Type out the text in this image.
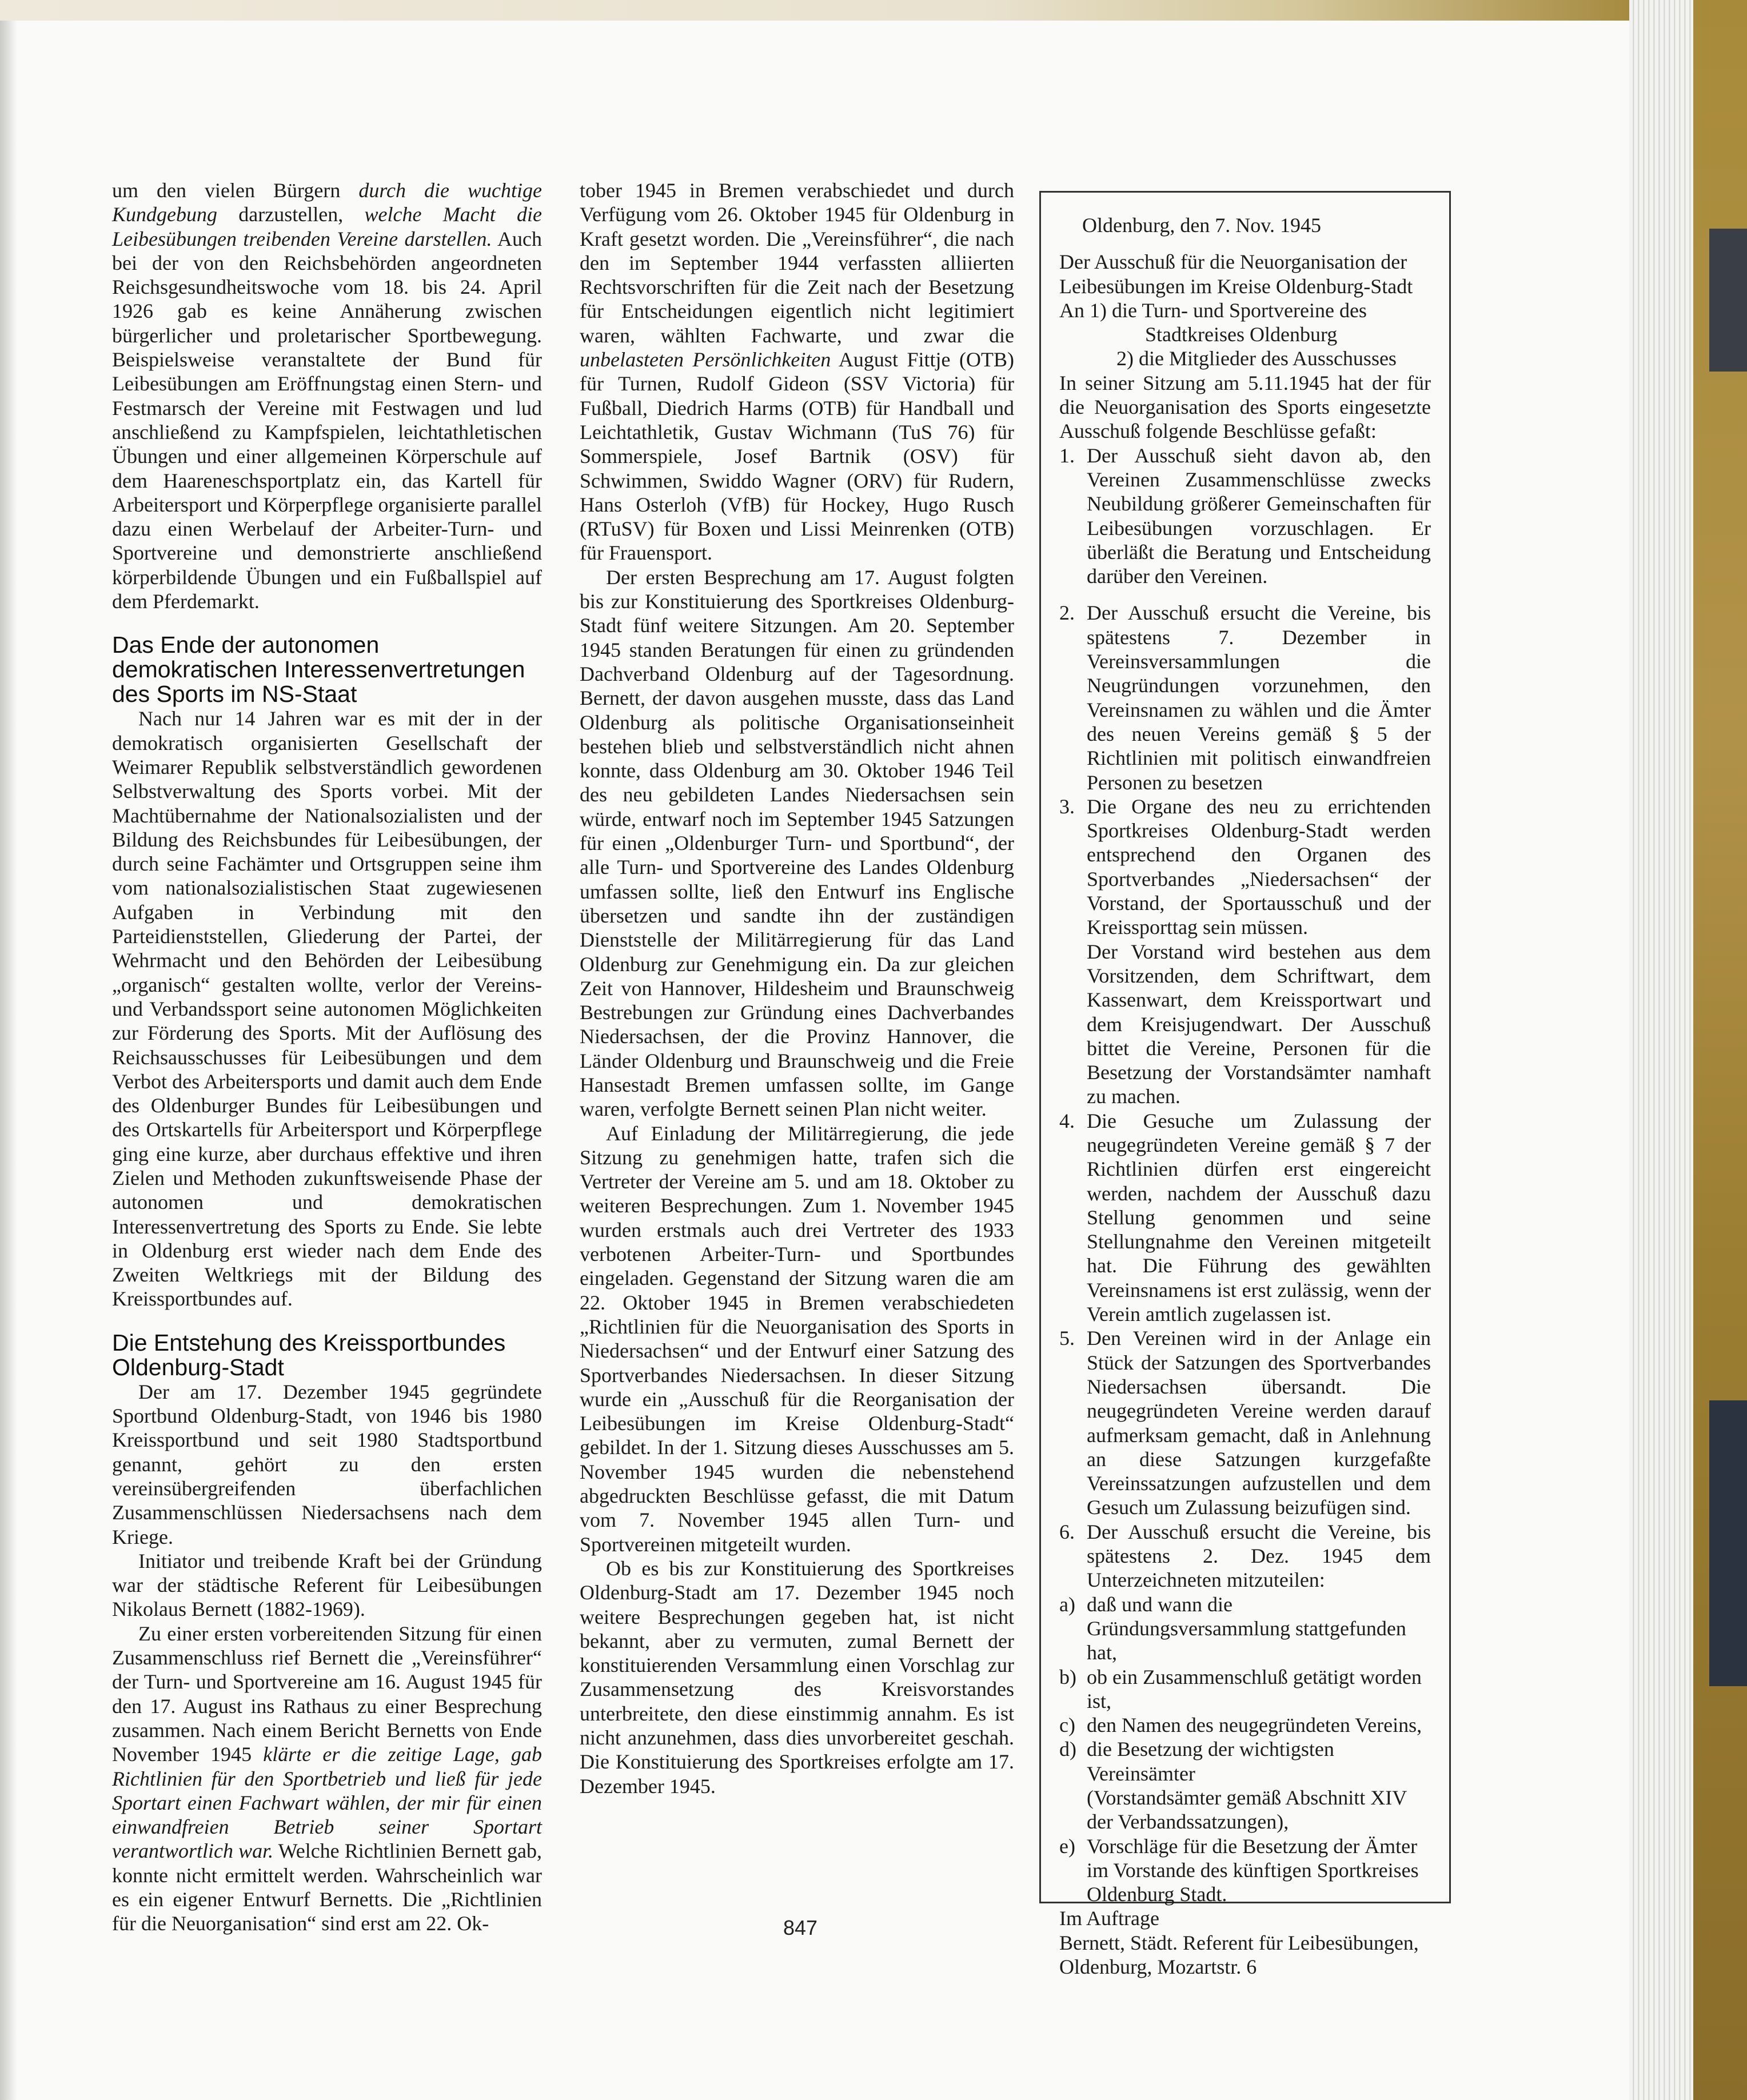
um den vielen Bürgern durch die wuchtige Kundgebung darzustellen, welche Macht die Leibesübungen treibenden Vereine darstellen. Auch bei der von den Reichsbehörden angeordneten Reichsgesundheitswoche vom 18. bis 24. April 1926 gab es keine Annäherung zwischen bürgerlicher und proletarischer Sportbewegung. Beispielsweise veranstaltete der Bund für Leibesübungen am Eröffnungstag einen Stern- und Festmarsch der Vereine mit Festwagen und lud anschließend zu Kampfspielen, leichtathletischen Übungen und einer allgemeinen Körperschule auf dem Haareneschsportplatz ein, das Kartell für Arbeitersport und Körperpflege organisierte parallel dazu einen Werbelauf der Arbeiter-Turn- und Sportvereine und demonstrierte anschließend körperbildende Übungen und ein Fußballspiel auf dem Pferdemarkt.

Das Ende der autonomen demokratischen Interessenvertretungen des Sports im NS-Staat

Nach nur 14 Jahren war es mit der in der demokratisch organisierten Gesellschaft der Weimarer Republik selbstverständlich gewordenen Selbstverwaltung des Sports vorbei. Mit der Machtübernahme der Nationalsozialisten und der Bildung des Reichsbundes für Leibesübungen, der durch seine Fachämter und Ortsgruppen seine ihm vom nationalsozialistischen Staat zugewiesenen Aufgaben in Verbindung mit den Parteidienststellen, Gliederung der Partei, der Wehrmacht und den Behörden der Leibesübung „organisch“ gestalten wollte, verlor der Vereins- und Verbandssport seine autonomen Möglichkeiten zur Förderung des Sports. Mit der Auflösung des Reichsausschusses für Leibesübungen und dem Verbot des Arbeitersports und damit auch dem Ende des Oldenburger Bundes für Leibesübungen und des Ortskartells für Arbeitersport und Körperpflege ging eine kurze, aber durchaus effektive und ihren Zielen und Methoden zukunftsweisende Phase der autonomen und demokratischen Interessenvertretung des Sports zu Ende. Sie lebte in Oldenburg erst wieder nach dem Ende des Zweiten Weltkriegs mit der Bildung des Kreissportbundes auf.

Die Entstehung des Kreissportbundes Oldenburg-Stadt

Der am 17. Dezember 1945 gegründete Sportbund Oldenburg-Stadt, von 1946 bis 1980 Kreissportbund und seit 1980 Stadtsportbund genannt, gehört zu den ersten vereinsübergreifenden überfachlichen Zusammenschlüssen Niedersachsens nach dem Kriege.

Initiator und treibende Kraft bei der Gründung war der städtische Referent für Leibesübungen Nikolaus Bernett (1882-1969).

Zu einer ersten vorbereitenden Sitzung für einen Zusammenschluss rief Bernett die „Vereinsführer“ der Turn- und Sportvereine am 16. August 1945 für den 17. August ins Rathaus zu einer Besprechung zusammen. Nach einem Bericht Bernetts von Ende November 1945 klärte er die zeitige Lage, gab Richtlinien für den Sportbetrieb und ließ für jede Sportart einen Fachwart wählen, der mir für einen einwandfreien Betrieb seiner Sportart verantwortlich war. Welche Richtlinien Bernett gab, konnte nicht ermittelt werden. Wahrscheinlich war es ein eigener Entwurf Bernetts. Die „Richtlinien für die Neuorganisation“ sind erst am 22. Ok-

tober 1945 in Bremen verabschiedet und durch Verfügung vom 26. Oktober 1945 für Oldenburg in Kraft gesetzt worden. Die „Vereinsführer“, die nach den im September 1944 verfassten alliierten Rechtsvorschriften für die Zeit nach der Besetzung für Entscheidungen eigentlich nicht legitimiert waren, wählten Fachwarte, und zwar die unbelasteten Persönlichkeiten August Fittje (OTB) für Turnen, Rudolf Gideon (SSV Victoria) für Fußball, Diedrich Harms (OTB) für Handball und Leichtathletik, Gustav Wichmann (TuS 76) für Sommerspiele, Josef Bartnik (OSV) für Schwimmen, Swiddo Wagner (ORV) für Rudern, Hans Osterloh (VfB) für Hockey, Hugo Rusch (RTuSV) für Boxen und Lissi Meinrenken (OTB) für Frauensport.

Der ersten Besprechung am 17. August folgten bis zur Konstituierung des Sportkreises Oldenburg-Stadt fünf weitere Sitzungen. Am 20. September 1945 standen Beratungen für einen zu gründenden Dachverband Oldenburg auf der Tagesordnung. Bernett, der davon ausgehen musste, dass das Land Oldenburg als politische Organisationseinheit bestehen blieb und selbstverständlich nicht ahnen konnte, dass Oldenburg am 30. Oktober 1946 Teil des neu gebildeten Landes Niedersachsen sein würde, entwarf noch im September 1945 Satzungen für einen „Oldenburger Turn- und Sportbund“, der alle Turn- und Sportvereine des Landes Oldenburg umfassen sollte, ließ den Entwurf ins Englische übersetzen und sandte ihn der zuständigen Dienststelle der Militärregierung für das Land Oldenburg zur Genehmigung ein. Da zur gleichen Zeit von Hannover, Hildesheim und Braunschweig Bestrebungen zur Gründung eines Dachverbandes Niedersachsen, der die Provinz Hannover, die Länder Oldenburg und Braunschweig und die Freie Hansestadt Bremen umfassen sollte, im Gange waren, verfolgte Bernett seinen Plan nicht weiter.

Auf Einladung der Militärregierung, die jede Sitzung zu genehmigen hatte, trafen sich die Vertreter der Vereine am 5. und am 18. Oktober zu weiteren Besprechungen. Zum 1. November 1945 wurden erstmals auch drei Vertreter des 1933 verbotenen Arbeiter-Turn- und Sportbundes eingeladen. Gegenstand der Sitzung waren die am 22. Oktober 1945 in Bremen verabschiedeten „Richtlinien für die Neuorganisation des Sports in Niedersachsen“ und der Entwurf einer Satzung des Sportverbandes Niedersachsen. In dieser Sitzung wurde ein „Ausschuß für die Reorganisation der Leibesübungen im Kreise Oldenburg-Stadt“ gebildet. In der 1. Sitzung dieses Ausschusses am 5. November 1945 wurden die nebenstehend abgedruckten Beschlüsse gefasst, die mit Datum vom 7. November 1945 allen Turn- und Sportvereinen mitgeteilt wurden.

Ob es bis zur Konstituierung des Sportkreises Oldenburg-Stadt am 17. Dezember 1945 noch weitere Besprechungen gegeben hat, ist nicht bekannt, aber zu vermuten, zumal Bernett der konstituierenden Versammlung einen Vorschlag zur Zusammensetzung des Kreisvorstandes unterbreitete, den diese einstimmig annahm. Es ist nicht anzunehmen, dass dies unvorbereitet geschah. Die Konstituierung des Sportkreises erfolgte am 17. Dezember 1945.

Oldenburg, den 7. Nov. 1945
Der Ausschuß für die Neuorganisation der
Leibesübungen im Kreise Oldenburg-Stadt
An 1) die Turn- und Sportvereine des
Stadtkreises Oldenburg
2) die Mitglieder des Ausschusses
In seiner Sitzung am 5.11.1945 hat der für die Neuorganisation des Sports eingesetzte Ausschuß folgende Beschlüsse gefaßt:
1. Der Ausschuß sieht davon ab, den Vereinen Zusammenschlüsse zwecks Neubildung größerer Gemeinschaften für Leibesübungen vorzuschlagen. Er überläßt die Beratung und Entscheidung darüber den Vereinen.
2. Der Ausschuß ersucht die Vereine, bis spätestens 7. Dezember in Vereinsversammlungen die Neugründungen vorzunehmen, den Vereinsnamen zu wählen und die Ämter des neuen Vereins gemäß § 5 der Richtlinien mit politisch einwandfreien Personen zu besetzen
3. Die Organe des neu zu errichtenden Sportkreises Oldenburg-Stadt werden entsprechend den Organen des Sportverbandes „Niedersachsen“ der Vorstand, der Sportausschuß und der Kreissporttag sein müssen.
Der Vorstand wird bestehen aus dem Vorsitzenden, dem Schriftwart, dem Kassenwart, dem Kreissportwart und dem Kreisjugendwart. Der Ausschuß bittet die Vereine, Personen für die Besetzung der Vorstandsämter namhaft zu machen.
4. Die Gesuche um Zulassung der neugegründeten Vereine gemäß § 7 der Richtlinien dürfen erst eingereicht werden, nachdem der Ausschuß dazu Stellung genommen und seine Stellungnahme den Vereinen mitgeteilt hat. Die Führung des gewählten Vereinsnamens ist erst zulässig, wenn der Verein amtlich zugelassen ist.
5. Den Vereinen wird in der Anlage ein Stück der Satzungen des Sportverbandes Niedersachsen übersandt. Die neugegründeten Vereine werden darauf aufmerksam gemacht, daß in Anlehnung an diese Satzungen kurzgefaßte Vereinssatzungen aufzustellen und dem Gesuch um Zulassung beizufügen sind.
6. Der Ausschuß ersucht die Vereine, bis spätestens 2. Dez. 1945 dem Unterzeichneten mitzuteilen:
a) daß und wann die Gründungsversammlung stattgefunden hat,
b) ob ein Zusammenschluß getätigt worden ist,
c) den Namen des neugegründeten Vereins,
d) die Besetzung der wichtigsten Vereinsämter
(Vorstandsämter gemäß Abschnitt XIV der Verbandssatzungen),
e) Vorschläge für die Besetzung der Ämter im Vorstande des künftigen Sportkreises Oldenburg Stadt.
Im Auftrage
Bernett, Städt. Referent für Leibesübungen,
Oldenburg, Mozartstr. 6
847
